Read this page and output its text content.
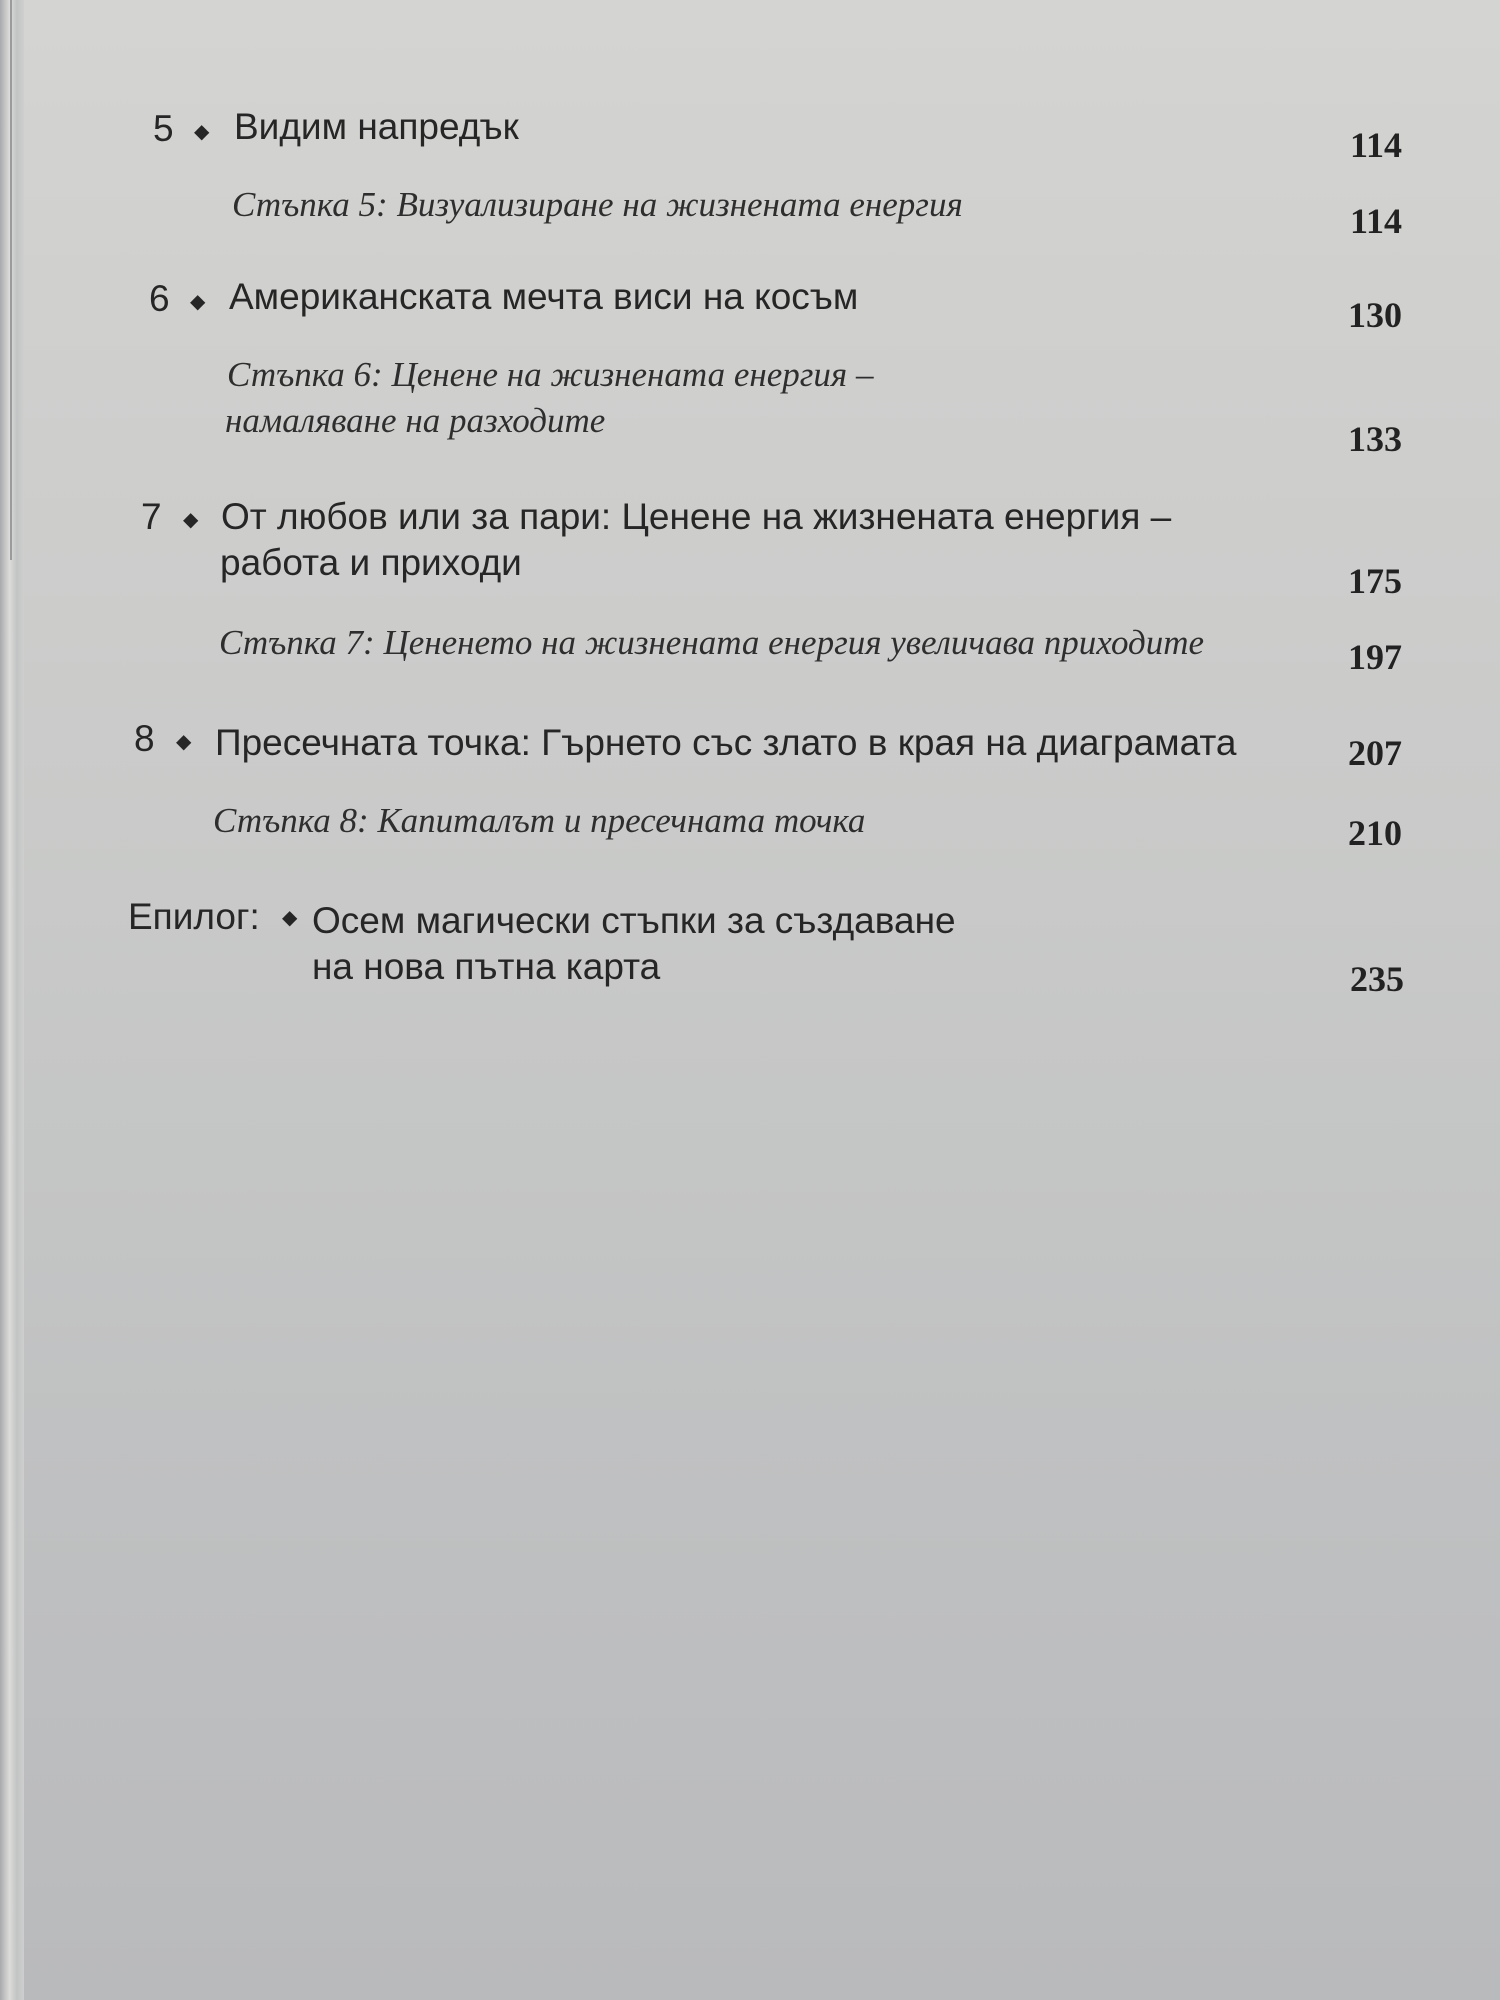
5 ◆ Видим напредък	114
Стъпка 5: Визуализиране на жизнената енергия	114
6 ◆ Американската мечта виси на косъм	130
Стъпка 6: Ценене на жизнената енергия –
намаляване на разходите	133
7 ◆ От любов или за пари: Ценене на жизнената енергия –
работа и приходи	175
Стъпка 7: Цененето на жизнената енергия увеличава приходите	197
8 ◆ Пресечната точка: Гърнето със злато в края на диаграмата	207
Стъпка 8: Капиталът и пресечната точка	210
Епилог: ◆ Осем магически стъпки за създаване
на нова пътна карта	235
